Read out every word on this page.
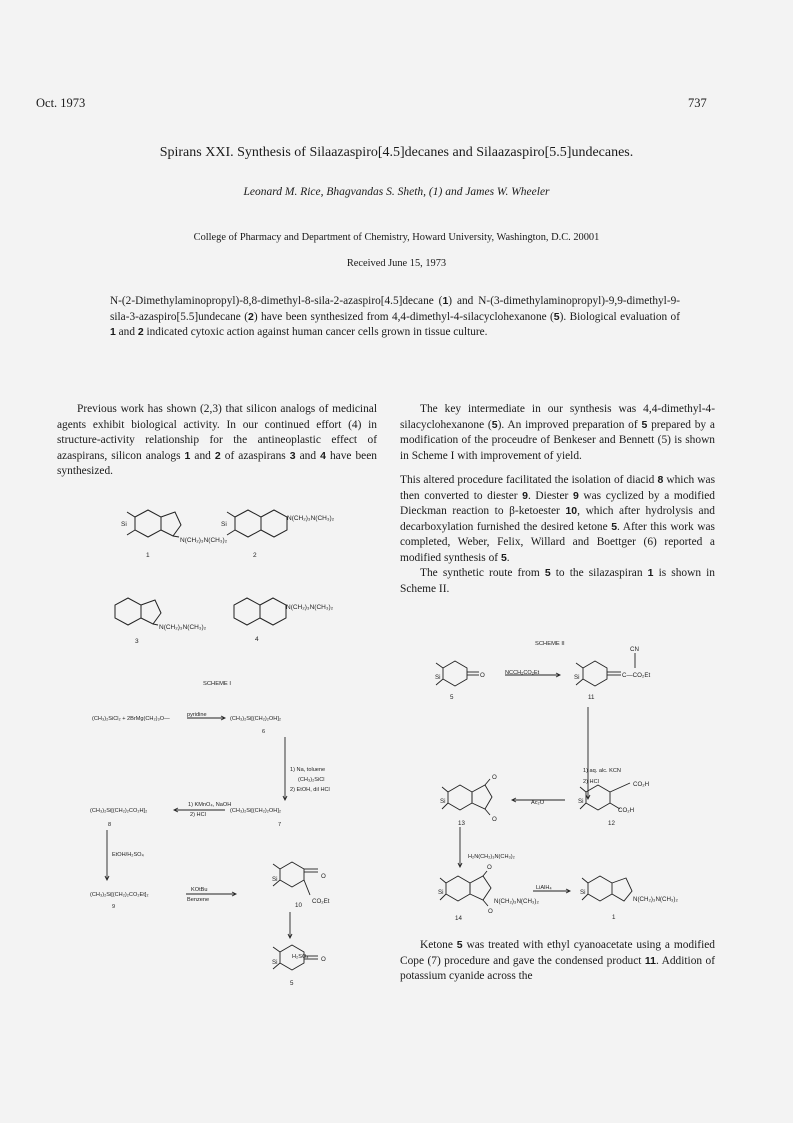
Oct. 1973	737
Spirans XXI. Synthesis of Silaazaspiro[4.5]decanes and Silaazaspiro[5.5]undecanes.
Leonard M. Rice, Bhagvandas S. Sheth, (1) and James W. Wheeler
College of Pharmacy and Department of Chemistry, Howard University, Washington, D.C. 20001
Received June 15, 1973
N-(2-Dimethylaminopropyl)-8,8-dimethyl-8-sila-2-azaspiro[4.5]decane (1) and N-(3-dimethylaminopropyl)-9,9-dimethyl-9-sila-3-azaspiro[5.5]undecane (2) have been synthesized from 4,4-dimethyl-4-silacyclohexanone (5). Biological evaluation of 1 and 2 indicated cytoxic action against human cancer cells grown in tissue culture.

Previous work has shown (2,3) that silicon analogs of medicinal agents exhibit biological activity. In our continued effort (4) in structure-activity relationship for the antineoplastic effect of azaspirans, silicon analogs 1 and 2 of azaspirans 3 and 4 have been synthesized.

Si
N(CH₂)₃N(CH₃)₂
Si
N(CH₂)₃N(CH₃)₂
N(CH₂)₃N(CH₃)₂
N(CH₂)₃N(CH₃)₂
1	2
3	4
SCHEME I
(CH₃)₂SiCl₂ + 2BrMg(CH₂)₃O—
pyridine
(CH₃)₂Si[(CH₂)₂OH]₂
6
1) Na, toluene
(CH₃)₂SiCl
2) EtOH, dil HCl
(CH₃)₂Si[(CH₂)₂CO₂H]₂
1) KMnO₄, NaOH
2) HCl
(CH₃)₂Si[(CH₂)₂OH]₂
8	7
EtOH/H₂SO₄
(CH₃)₂Si[(CH₂)₂CO₂Et]₂
KOtBu
Benzene
9
H₂SO₄
Si	O
CO₂Et
10
Si	O
5

The key intermediate in our synthesis was 4,4-dimethyl-4-silacyclohexanone (5). An improved preparation of 5 prepared by a modification of the proceudre of Benkeser and Bennett (5) is shown in Scheme I with improvement of yield.

This altered procedure facilitated the isolation of diacid 8 which was then converted to diester 9. Diester 9 was cyclized by a modified Dieckman reaction to β-ketoester 10, which after hydrolysis and decarboxylation furnished the desired ketone 5. After this work was completed, Weber, Felix, Willard and Boettger (6) reported a modified synthesis of 5.

The synthetic route from 5 to the silazaspiran 1 is shown in Scheme II.

SCHEME II
NCCH₂CO₂Et
1) aq. alc. KCN
2) HCl
Ac₂O
H₂N(CH₂)₃N(CH₃)₂
LiAlH₄
Si	O
5
CN
Si	C—CO₂Et
11
Si
O
O
13
Si
CO₂H
CO₂H
12
Si
O
O
N(CH₂)₃N(CH₃)₂
14
Si
N(CH₂)₃N(CH₃)₂
1

Ketone 5 was treated with ethyl cyanoacetate using a modified Cope (7) procedure and gave the condensed product 11. Addition of potassium cyanide across the
